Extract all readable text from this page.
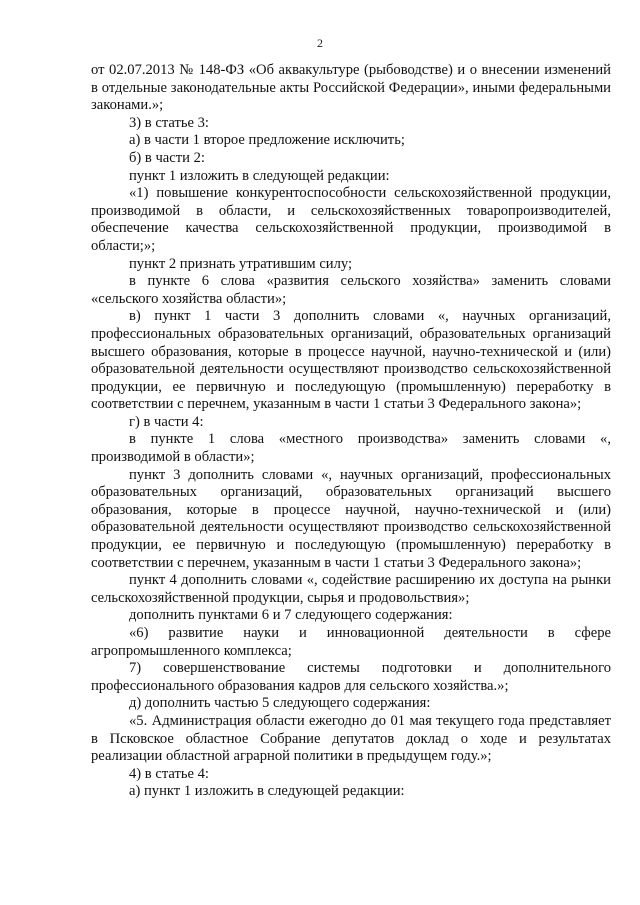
2

от 02.07.2013 № 148-ФЗ «Об аквакультуре (рыбоводстве) и о внесении изменений в отдельные законодательные акты Российской Федерации», иными федеральными законами.»;

3) в статье 3:

а) в части 1 второе предложение исключить;

б) в части 2:

пункт 1 изложить в следующей редакции:

«1) повышение конкурентоспособности сельскохозяйственной продукции, производимой в области, и сельскохозяйственных товаропроизводителей, обеспечение качества сельскохозяйственной продукции, производимой в области;»;

пункт 2 признать утратившим силу;

в пункте 6 слова «развития сельского хозяйства» заменить словами «сельского хозяйства области»;

в) пункт 1 части 3 дополнить словами «, научных организаций, профессиональных образовательных организаций, образовательных организаций высшего образования, которые в процессе научной, научно-технической и (или) образовательной деятельности осуществляют производство сельскохозяйственной продукции, ее первичную и последующую (промышленную) переработку в соответствии с перечнем, указанным в части 1 статьи 3 Федерального закона»;

г) в части 4:

в пункте 1 слова «местного производства» заменить словами «, производимой в области»;

пункт 3 дополнить словами «, научных организаций, профессиональных образовательных организаций, образовательных организаций высшего образования, которые в процессе научной, научно-технической и (или) образовательной деятельности осуществляют производство сельскохозяйственной продукции, ее первичную и последующую (промышленную) переработку в соответствии с перечнем, указанным в части 1 статьи 3 Федерального закона»;

пункт 4 дополнить словами «, содействие расширению их доступа на рынки сельскохозяйственной продукции, сырья и продовольствия»;

дополнить пунктами 6 и 7 следующего содержания:

«6) развитие науки и инновационной деятельности в сфере агропромышленного комплекса;

7) совершенствование системы подготовки и дополнительного профессионального образования кадров для сельского хозяйства.»;

д) дополнить частью 5 следующего содержания:

«5. Администрация области ежегодно до 01 мая текущего года представляет в Псковское областное Собрание депутатов доклад о ходе и результатах реализации областной аграрной политики в предыдущем году.»;

4) в статье 4:

а) пункт 1 изложить в следующей редакции:
